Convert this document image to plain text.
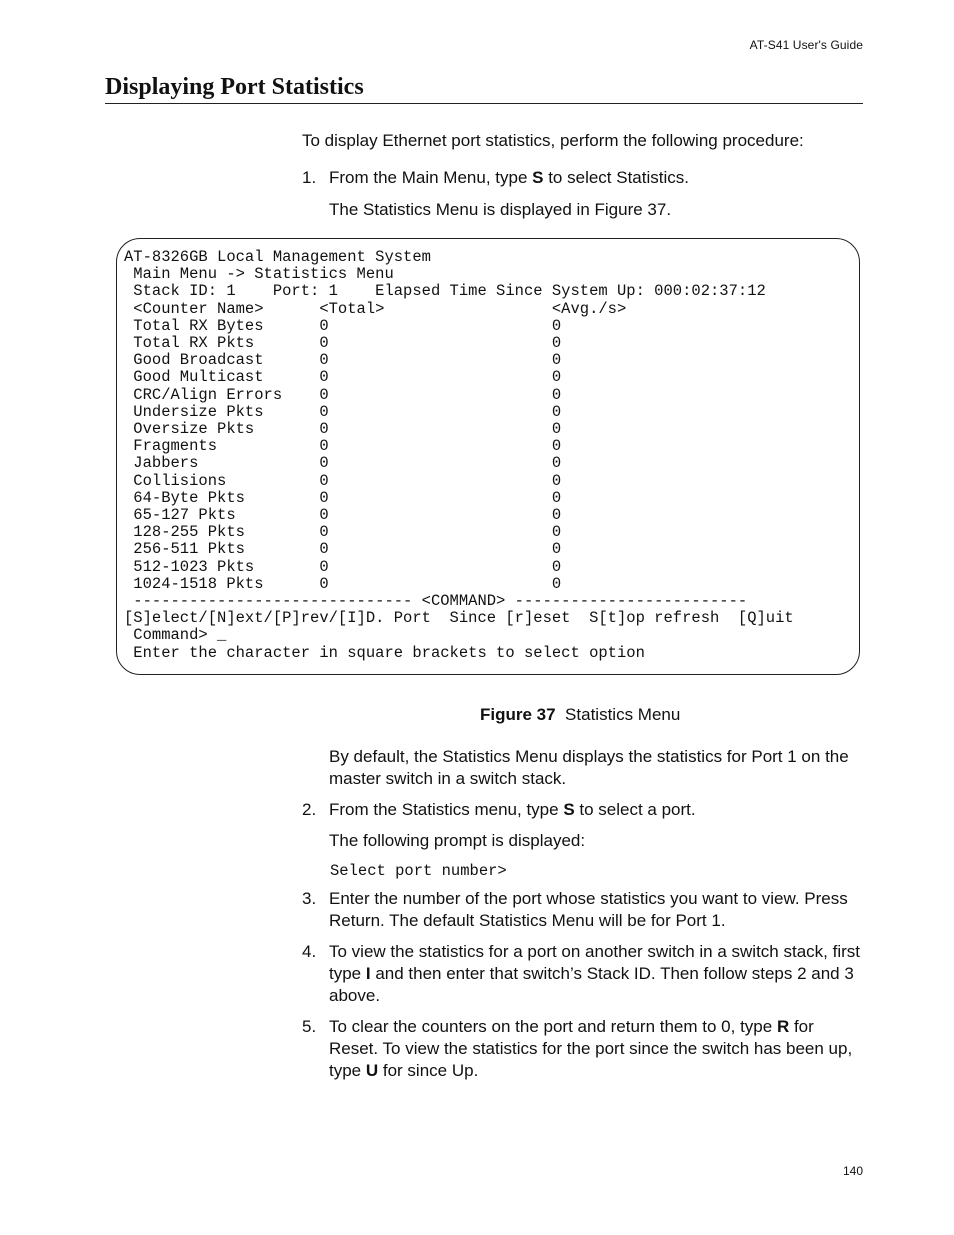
AT-S41 User's Guide
Displaying Port Statistics
To display Ethernet port statistics, perform the following procedure:
1. From the Main Menu, type S to select Statistics.
The Statistics Menu is displayed in Figure 37.
AT-8326GB Local Management System
Main Menu -> Statistics Menu
Stack ID: 1    Port: 1    Elapsed Time Since System Up: 000:02:37:12
<Counter Name>      <Total>                  <Avg./s>
Total RX Bytes      0                        0
Total RX Pkts       0                        0
Good Broadcast      0                        0
Good Multicast      0                        0
CRC/Align Errors    0                        0
Undersize Pkts      0                        0
Oversize Pkts       0                        0
Fragments           0                        0
Jabbers             0                        0
Collisions          0                        0
64-Byte Pkts        0                        0
65-127 Pkts         0                        0
128-255 Pkts        0                        0
256-511 Pkts        0                        0
512-1023 Pkts       0                        0
1024-1518 Pkts      0                        0
------------------------------ <COMMAND> -------------------------
[S]elect/[N]ext/[P]rev/[I]D. Port  Since [r]eset  S[t]op refresh  [Q]uit
Command> _
Enter the character in square brackets to select option
Figure 37 Statistics Menu
By default, the Statistics Menu displays the statistics for Port 1 on the master switch in a switch stack.
2. From the Statistics menu, type S to select a port.
The following prompt is displayed:
Select port number>
3. Enter the number of the port whose statistics you want to view. Press Return. The default Statistics Menu will be for Port 1.
4. To view the statistics for a port on another switch in a switch stack, first type I and then enter that switch’s Stack ID. Then follow steps 2 and 3 above.
5. To clear the counters on the port and return them to 0, type R for Reset. To view the statistics for the port since the switch has been up, type U for since Up.
140
